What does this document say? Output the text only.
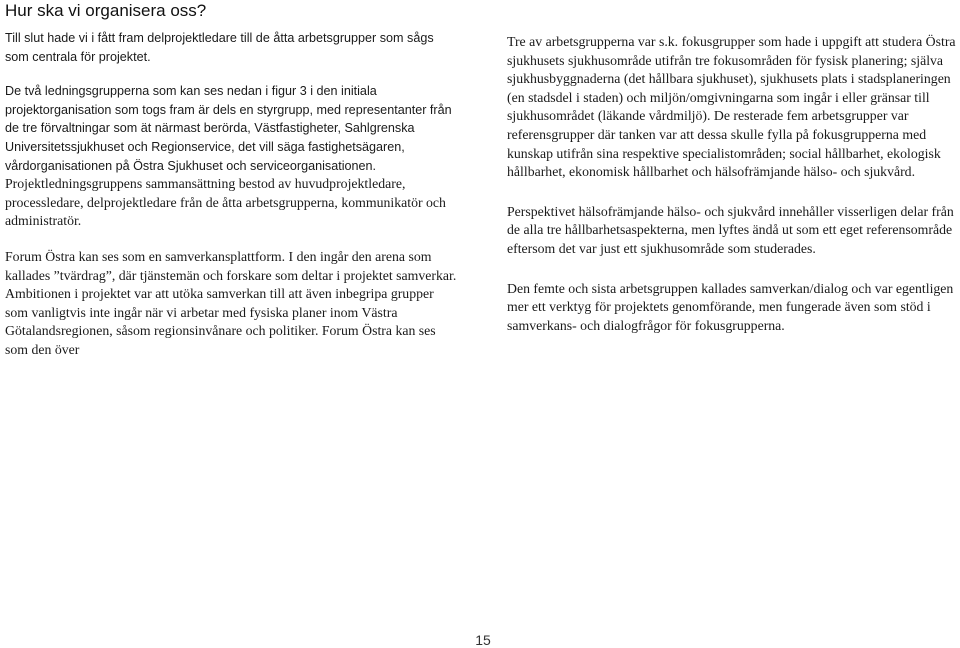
Hur ska vi organisera oss?

Till slut hade vi i fått fram delprojektledare till de åtta arbetsgrupper som sågs som centrala för projektet.

De två ledningsgrupperna som kan ses nedan i figur 3 i den initiala projektorganisation som togs fram är dels en styrgrupp, med representanter från de tre förvaltningar som ät närmast berörda, Västfastigheter, Sahlgrenska Universitetssjukhuset och Regionservice, det vill säga fastighetsägaren, vårdorganisationen på Östra Sjukhuset och serviceorganisationen.

Projektledningsgruppens sammansättning bestod av huvudprojektledare, processledare, delprojektledare från de åtta arbetsgrupperna, kommunikatör och administratör.

Forum Östra kan ses som en samverkansplattform. I den ingår den arena som kallades ”tvärdrag”, där tjänstemän och forskare som deltar i projektet samverkar. Ambitionen i projektet var att utöka samverkan till att även inbegripa grupper som vanligtvis inte ingår när vi arbetar med fysiska planer inom Västra Götalandsregionen, såsom regionsinvånare och politiker. Forum Östra kan ses som den över

Tre av arbetsgrupperna var s.k. fokusgrupper som hade i uppgift att studera Östra sjukhusets sjukhusområde utifrån tre fokusområden för fysisk planering; själva sjukhusbyggnaderna (det hållbara sjukhuset), sjukhusets plats i stadsplaneringen (en stadsdel i staden) och miljön/omgivningarna som ingår i eller gränsar till sjukhusområdet (läkande vårdmiljö). De resterade fem arbetsgrupper var referensgrupper där tanken var att dessa skulle fylla på fokusgrupperna med kunskap utifrån sina respektive specialistområden; social hållbarhet, ekologisk hållbarhet, ekonomisk hållbarhet och hälsofrämjande hälso- och sjukvård.

Perspektivet hälsofrämjande hälso- och sjukvård innehåller visserligen delar från de alla tre hållbarhetsaspekterna, men lyftes ändå ut som ett eget referensområde eftersom det var just ett sjukhusområde som studerades.

Den femte och sista arbetsgruppen kallades samverkan/dialog och var egentligen mer ett verktyg för projektets genomförande, men fungerade även som stöd i samverkans- och dialogfrågor för fokusgrupperna.

15
